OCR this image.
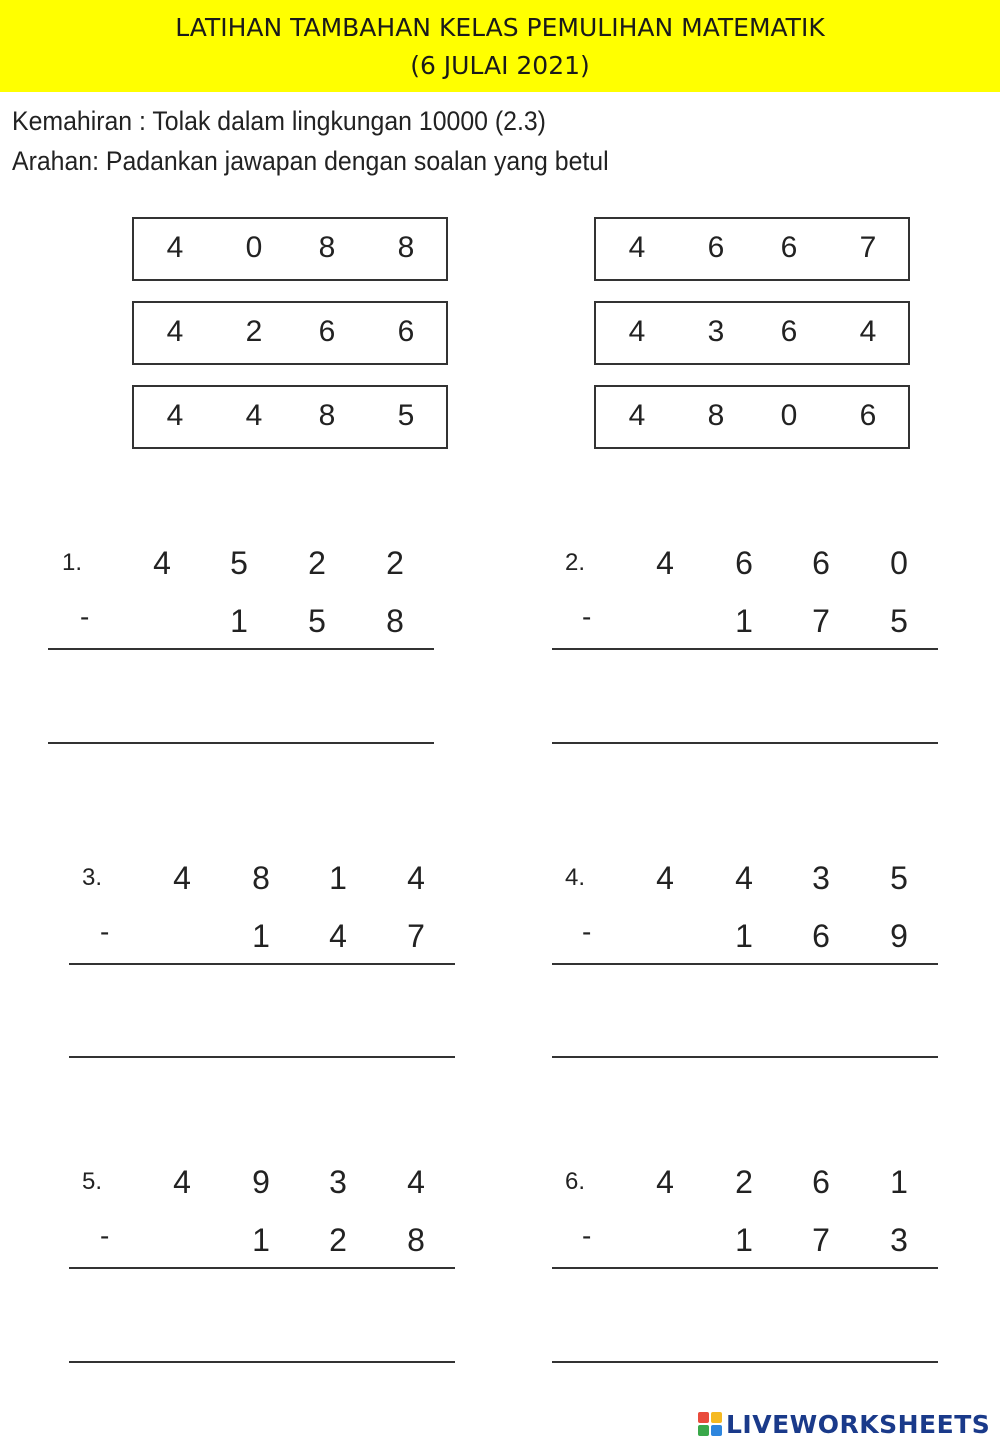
LATIHAN TAMBAHAN KELAS PEMULIHAN MATEMATIK
(6 JULAI 2021)
Kemahiran : Tolak dalam lingkungan 10000 (2.3)
Arahan: Padankan jawapan dengan soalan yang betul
4 0 8 8
4 2 6 6
4 4 8 5
4 6 6 7
4 3 6 4
4 8 0 6
1. 4 5 2 2
-	1 5 8
2. 4 6 6 0
-	1 7 5
3. 4 8 1 4
-	1 4 7
4. 4 4 3 5
-	1 6 9
5. 4 9 3 4
-	1 2 8
6. 4 2 6 1
-	1 7 3
LIVEWORKSHEETS
